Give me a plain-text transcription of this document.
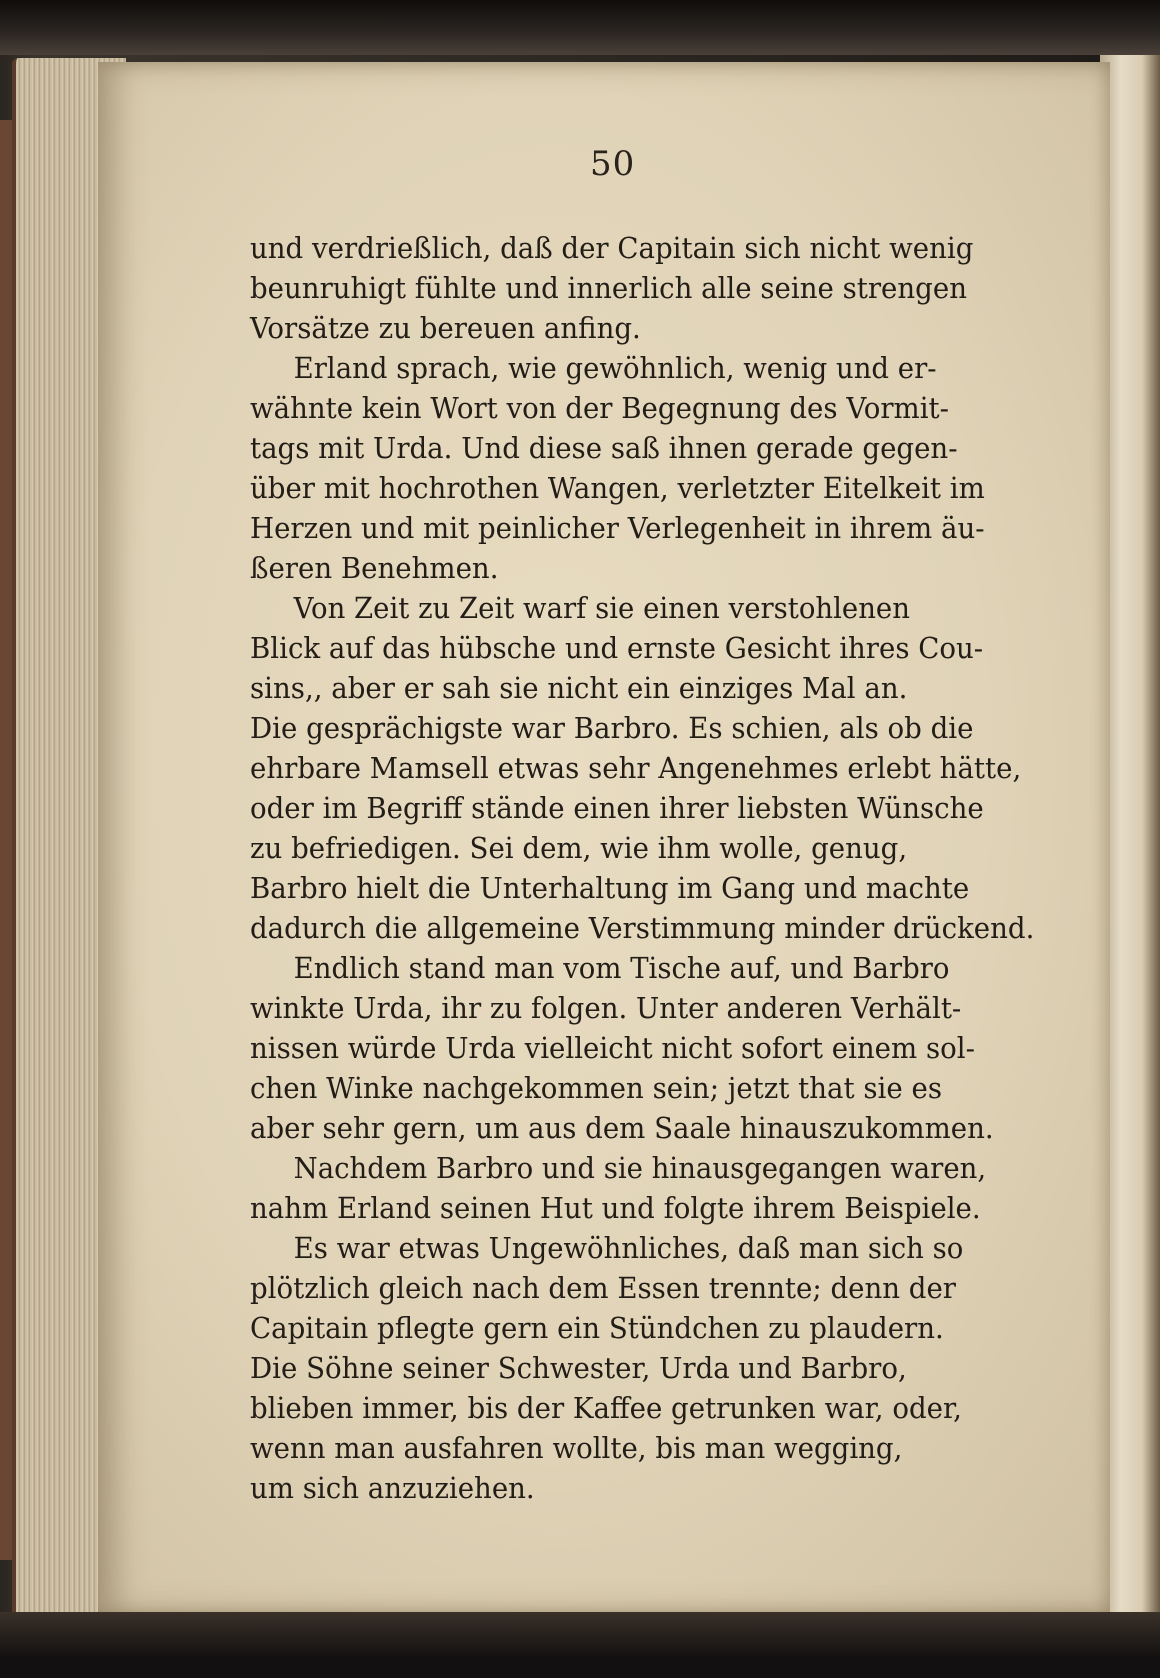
50
und verdrießlich, daß der Capitain sich nicht wenig
beunruhigt fühlte und innerlich alle seine strengen
Vorsätze zu bereuen anfing.
Erland sprach, wie gewöhnlich, wenig und er-
wähnte kein Wort von der Begegnung des Vormit-
tags mit Urda. Und diese saß ihnen gerade gegen-
über mit hochrothen Wangen, verletzter Eitelkeit im
Herzen und mit peinlicher Verlegenheit in ihrem äu-
ßeren Benehmen.
Von Zeit zu Zeit warf sie einen verstohlenen
Blick auf das hübsche und ernste Gesicht ihres Cou-
sins,, aber er sah sie nicht ein einziges Mal an.
Die gesprächigste war Barbro. Es schien, als ob die
ehrbare Mamsell etwas sehr Angenehmes erlebt hätte,
oder im Begriff stände einen ihrer liebsten Wünsche
zu befriedigen. Sei dem, wie ihm wolle, genug,
Barbro hielt die Unterhaltung im Gang und machte
dadurch die allgemeine Verstimmung minder drückend.
Endlich stand man vom Tische auf, und Barbro
winkte Urda, ihr zu folgen. Unter anderen Verhält-
nissen würde Urda vielleicht nicht sofort einem sol-
chen Winke nachgekommen sein; jetzt that sie es
aber sehr gern, um aus dem Saale hinauszukommen.
Nachdem Barbro und sie hinausgegangen waren,
nahm Erland seinen Hut und folgte ihrem Beispiele.
Es war etwas Ungewöhnliches, daß man sich so
plötzlich gleich nach dem Essen trennte; denn der
Capitain pflegte gern ein Stündchen zu plaudern.
Die Söhne seiner Schwester, Urda und Barbro,
blieben immer, bis der Kaffee getrunken war, oder,
wenn man ausfahren wollte, bis man wegging,
um sich anzuziehen.
